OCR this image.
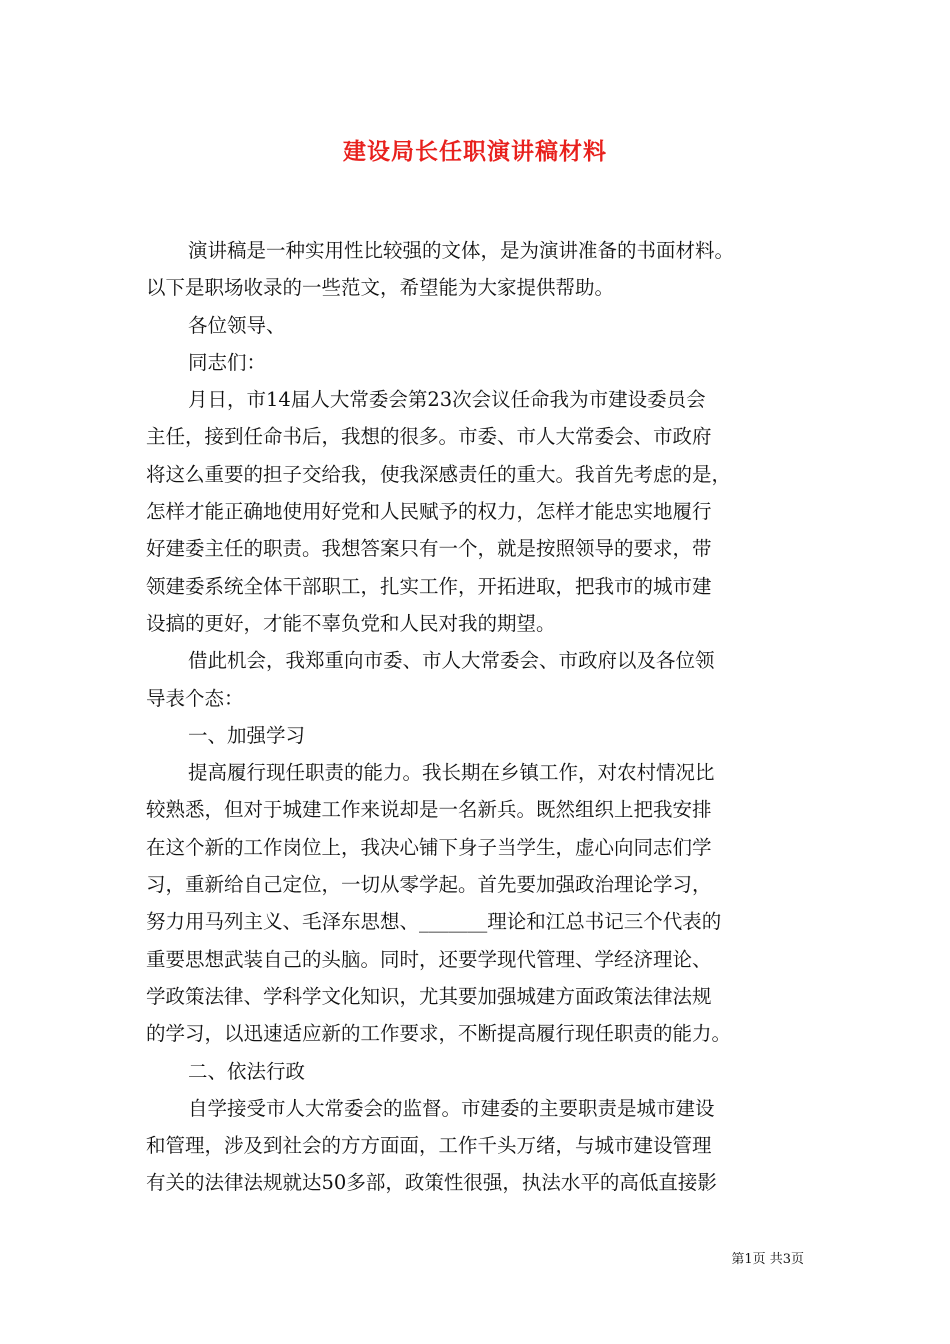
建设局长任职演讲稿材料
演讲稿是一种实用性比较强的文体，是为演讲准备的书面材料。
以下是职场收录的一些范文，希望能为大家提供帮助。
各位领导、
同志们：
月日，市14届人大常委会第23次会议任命我为市建设委员会
主任，接到任命书后，我想的很多。市委、市人大常委会、市政府
将这么重要的担子交给我，使我深感责任的重大。我首先考虑的是，
怎样才能正确地使用好党和人民赋予的权力，怎样才能忠实地履行
好建委主任的职责。我想答案只有一个，就是按照领导的要求，带
领建委系统全体干部职工，扎实工作，开拓进取，把我市的城市建
设搞的更好，才能不辜负党和人民对我的期望。
借此机会，我郑重向市委、市人大常委会、市政府以及各位领
导表个态：
一、加强学习
提高履行现任职责的能力。我长期在乡镇工作，对农村情况比
较熟悉，但对于城建工作来说却是一名新兵。既然组织上把我安排
在这个新的工作岗位上，我决心铺下身子当学生，虚心向同志们学
习，重新给自己定位，一切从零学起。首先要加强政治理论学习，
努力用马列主义、毛泽东思想、_______理论和江总书记三个代表的
重要思想武装自己的头脑。同时，还要学现代管理、学经济理论、
学政策法律、学科学文化知识，尤其要加强城建方面政策法律法规
的学习，以迅速适应新的工作要求，不断提高履行现任职责的能力。
二、依法行政
自学接受市人大常委会的监督。市建委的主要职责是城市建设
和管理，涉及到社会的方方面面，工作千头万绪，与城市建设管理
有关的法律法规就达50多部，政策性很强，执法水平的高低直接影
第1页 共3页
